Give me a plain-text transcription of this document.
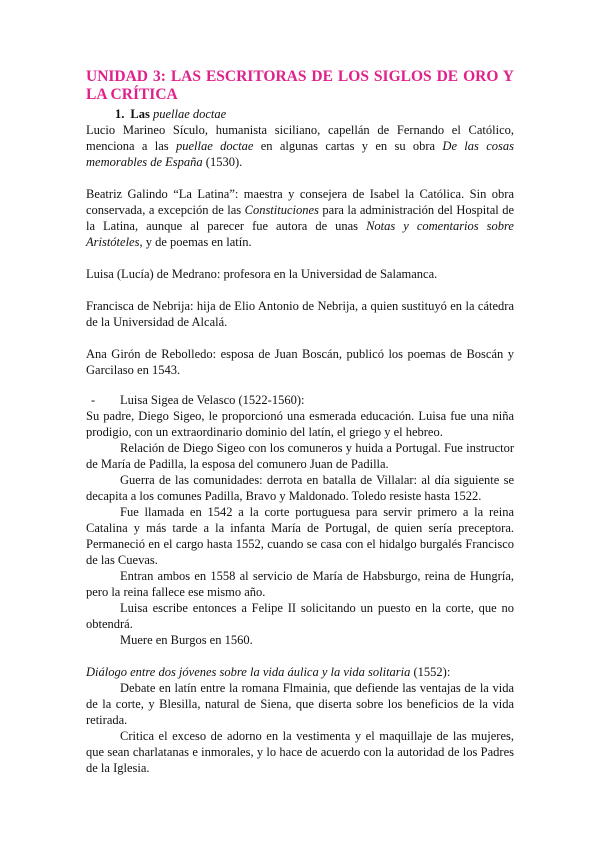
UNIDAD 3: LAS ESCRITORAS DE LOS SIGLOS DE ORO Y LA CRÍTICA
1. Las puellae doctae

Lucio Marineo Sículo, humanista siciliano, capellán de Fernando el Católico, menciona a las puellae doctae en algunas cartas y en su obra De las cosas memorables de España (1530).

Beatriz Galindo “La Latina”: maestra y consejera de Isabel la Católica. Sin obra conservada, a excepción de las Constituciones para la administración del Hospital de la Latina, aunque al parecer fue autora de unas Notas y comentarios sobre Aristóteles, y de poemas en latín.

Luisa (Lucía) de Medrano: profesora en la Universidad de Salamanca.

Francisca de Nebrija: hija de Elio Antonio de Nebrija, a quien sustituyó en la cátedra de la Universidad de Alcalá.

Ana Girón de Rebolledo: esposa de Juan Boscán, publicó los poemas de Boscán y Garcilaso en 1543.

- Luisa Sigea de Velasco (1522-1560):

Su padre, Diego Sigeo, le proporcionó una esmerada educación. Luisa fue una niña prodigio, con un extraordinario dominio del latín, el griego y el hebreo.

Relación de Diego Sigeo con los comuneros y huida a Portugal. Fue instructor de María de Padilla, la esposa del comunero Juan de Padilla.

Guerra de las comunidades: derrota en batalla de Villalar: al día siguiente se decapita a los comunes Padilla, Bravo y Maldonado. Toledo resiste hasta 1522.

Fue llamada en 1542 a la corte portuguesa para servir primero a la reina Catalina y más tarde a la infanta María de Portugal, de quien sería preceptora. Permaneció en el cargo hasta 1552, cuando se casa con el hidalgo burgalés Francisco de las Cuevas.

Entran ambos en 1558 al servicio de María de Habsburgo, reina de Hungría, pero la reina fallece ese mismo año.

Luisa escribe entonces a Felipe II solicitando un puesto en la corte, que no obtendrá.

Muere en Burgos en 1560.

Diálogo entre dos jóvenes sobre la vida áulica y la vida solitaria (1552):

Debate en latín entre la romana Flmainia, que defiende las ventajas de la vida de la corte, y Blesilla, natural de Siena, que diserta sobre los beneficios de la vida retirada.

Critica el exceso de adorno en la vestimenta y el maquillaje de las mujeres, que sean charlatanas e inmorales, y lo hace de acuerdo con la autoridad de los Padres de la Iglesia.
